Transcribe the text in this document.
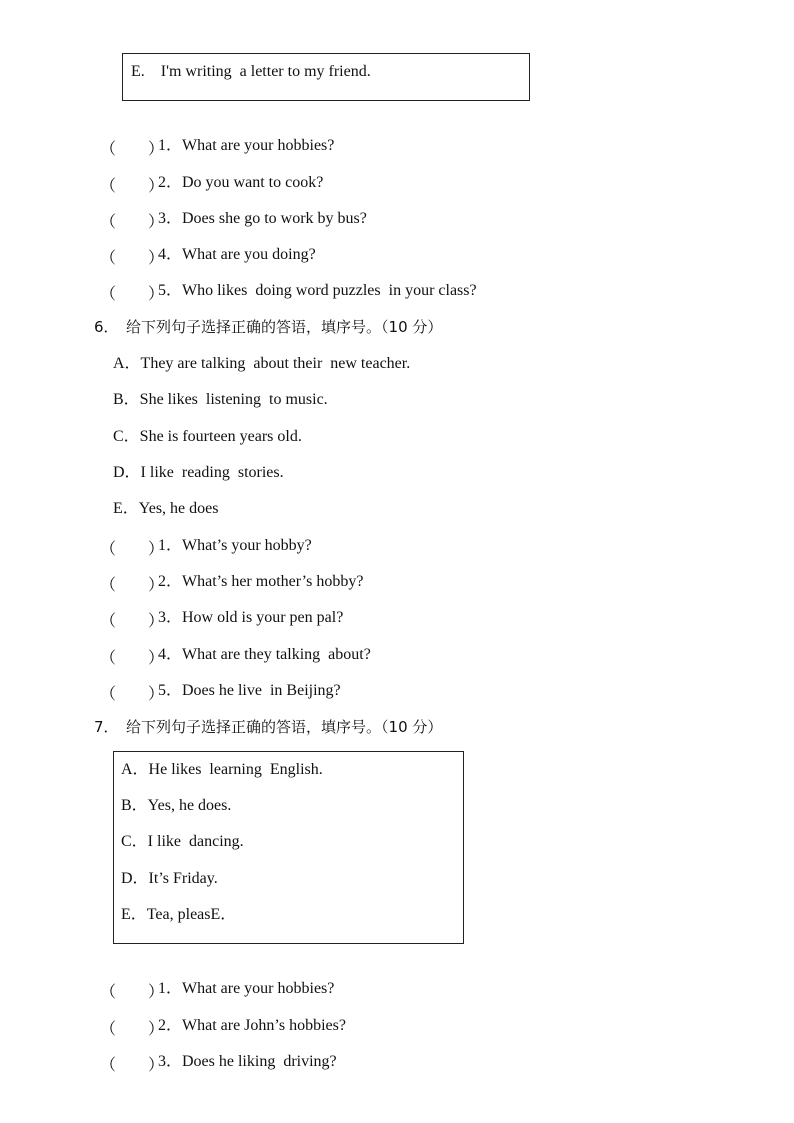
E.　I'm writing  a letter to my friend.
（　　）
1．What are your hobbies?
（　　）
2．Do you want to cook?
（　　）
3．Does she go to work by bus?
（　　）
4．What are you doing?
（　　）
5．Who likes  doing word puzzles  in your class?
6．　给下列句子选择正确的答语，填序号。（10 分）
A．They are talking  about their  new teacher.
B．She likes  listening  to music.
C．She is fourteen years old.
D．I like  reading  stories.
E．Yes, he does
（　　）
1．What’s your hobby?
（　　）
2．What’s her mother’s hobby?
（　　）
3．How old is your pen pal?
（　　）
4．What are they talking  about?
（　　）
5．Does he live  in Beijing?
7．　给下列句子选择正确的答语，填序号。（10 分）
A．He likes  learning  English.
B．Yes, he does.
C．I like  dancing.
D．It’s Friday.
E．Tea, pleasE．
（　　）
1．What are your hobbies?
（　　）
2．What are John’s hobbies?
（　　）
3．Does he liking  driving?
